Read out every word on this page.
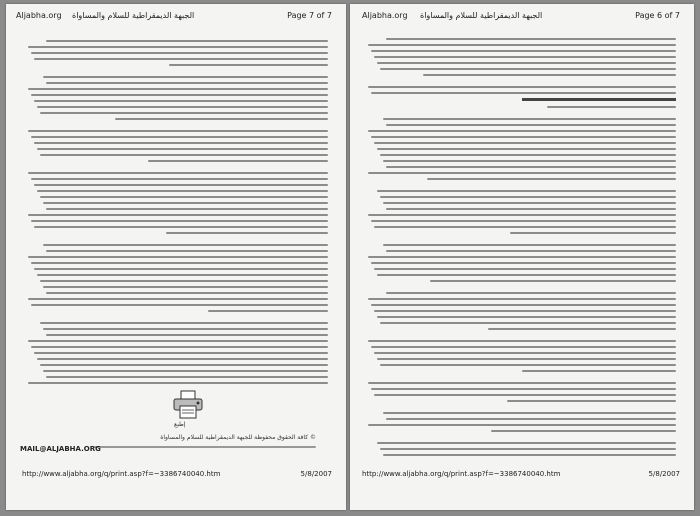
Aljabha.org الجبهة الديمقراطية للسلام والمساواة	Page 7 of 7
إطبع
© كافة الحقوق محفوظة للجبهة الديمقراطية للسلام والمساواة
MAIL@ALJABHA.ORG
http://www.aljabha.org/q/print.asp?f=~3386740040.htm	5/8/2007
Aljabha.org الجبهة الديمقراطية للسلام والمساواة	Page 6 of 7
http://www.aljabha.org/q/print.asp?f=~3386740040.htm	5/8/2007
